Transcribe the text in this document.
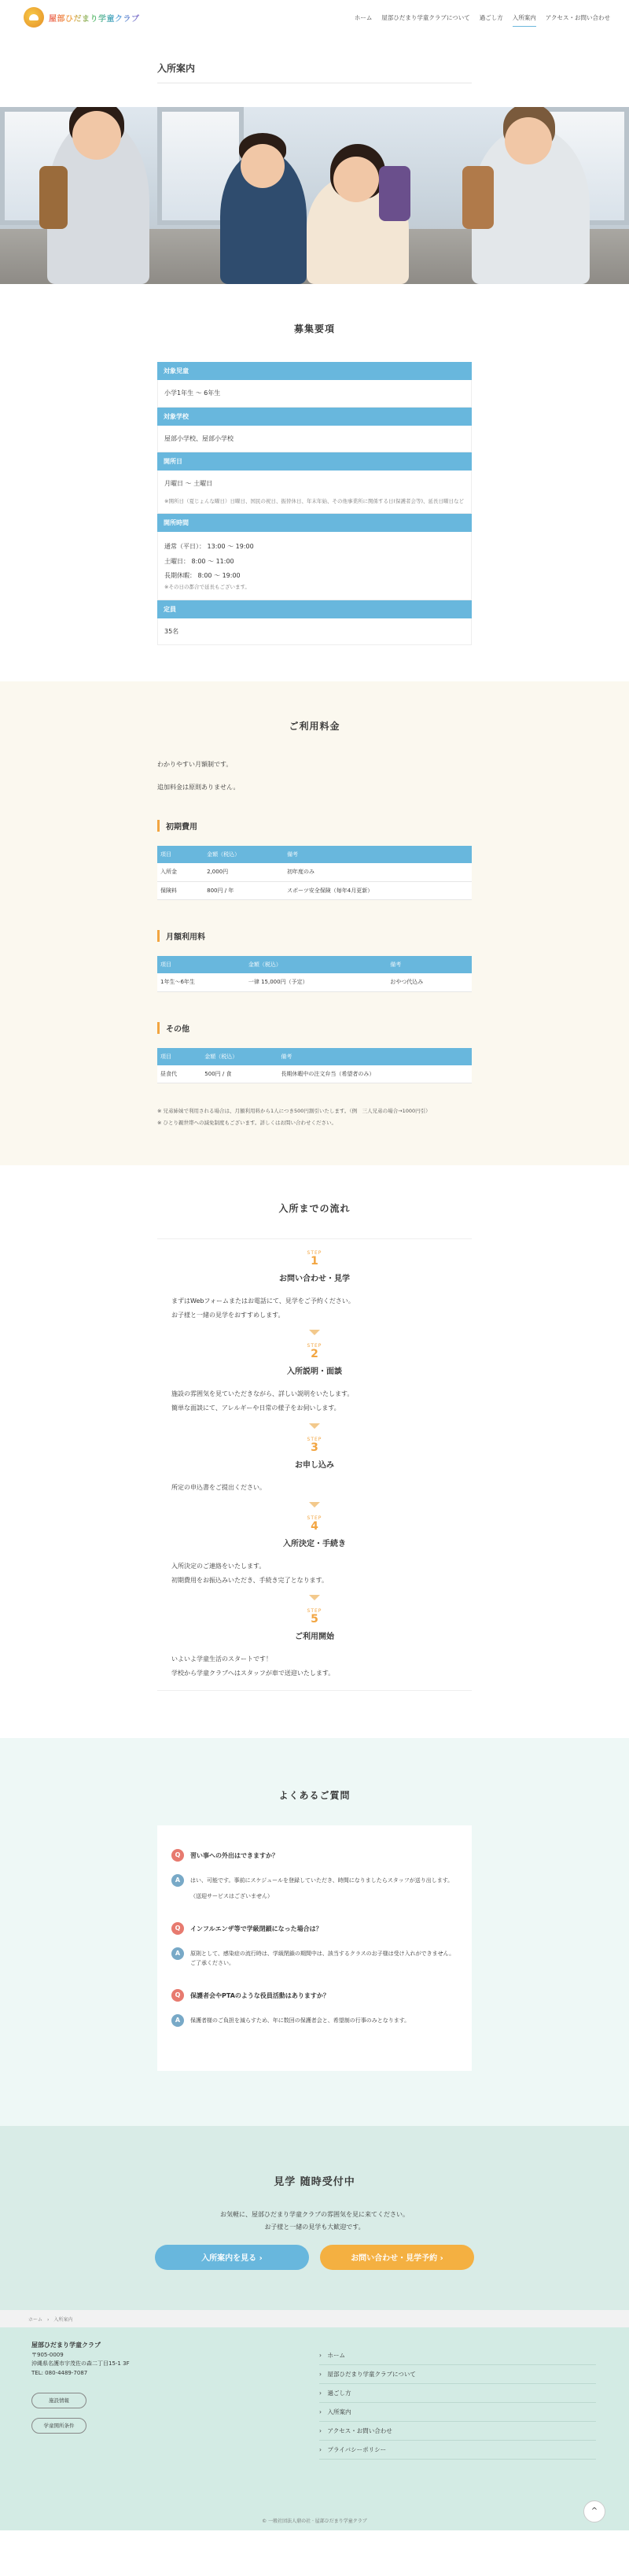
屋部ひだまり学童クラブ	ホーム 屋部ひだまり学童クラブについて 過ごし方 入所案内 アクセス・お問い合わせ
入所案内
募集要項
対象児童
小学1年生 〜 6年生
対象学校
屋部小学校、屋部小学校
開所日
月曜日 〜 土曜日
※開所日（夏じょんな曜日）日曜日、国民の祝日、振替休日、年末年始、その他事業所に関係する日(保護者会等)、延長日曜日など
開所時間
通常（平日）： 13:00 〜 19:00
土曜日： 8:00 〜 11:00
長期休暇： 8:00 〜 19:00
※その日の都合で延長もございます。
定員
35名
ご利用料金

わかりやすい月額制です。

追加料金は原則ありません。

初期費用
項目	金額（税込）	備考
入所金	2,000円	初年度のみ
保険料	800円 / 年	スポーツ安全保険（毎年4月更新）
月額利用料
項目	金額（税込）	備考
1年生〜6年生	一律 15,000円（予定）	おやつ代込み
その他
項目	金額（税込）	備考
昼食代	500円 / 食	長期休暇中の注文弁当（希望者のみ）

※ 兄弟姉妹で利用される場合は、月額利用料から1人につき500円割引いたします。（例　三人兄弟の場合→1000円引）

※ ひとり親世帯への減免制度もございます。詳しくはお問い合わせください。

入所までの流れ
STEP
1
お問い合わせ・見学
まずはWebフォームまたはお電話にて、見学をご予約ください。
お子様と一緒の見学をおすすめします。
STEP
2
入所説明・面談
施設の雰囲気を見ていただきながら、詳しい説明をいたします。
簡単な面談にて、アレルギーや日常の様子をお伺いします。
STEP
3
お申し込み
所定の申込書をご提出ください。
STEP
4
入所決定・手続き
入所決定のご連絡をいたします。
初期費用をお振込みいただき、手続き完了となります。
STEP
5
ご利用開始
いよいよ学童生活のスタートです！
学校から学童クラブへはスタッフが車で送迎いたします。
よくあるご質問
Q	習い事への外出はできますか？
A	はい、可能です。事前にスケジュールを登録していただき、時間になりましたらスタッフが送り出します。
（送迎サービスはございません）
Q	インフルエンザ等で学級閉鎖になった場合は？
A	原則として、感染症の流行時は、学級閉鎖の期間中は、該当するクラスのお子様は受け入れができません。ご了承ください。
Q	保護者会やPTAのような役員活動はありますか？
A	保護者様のご負担を減らすため、年に数回の保護者会と、希望制の行事のみとなります。
見学 随時受付中

お気軽に、屋部ひだまり学童クラブの雰囲気を見に来てください。
お子様と一緒の見学も大歓迎です。

入所案内を見る ›	お問い合わせ・見学予約 ›
ホーム　›　入所案内
屋部ひだまり学童クラブ
〒905-0009
沖縄県名護市宇茂佐の森二丁目15-1 3F
TEL: 080-4489-7087
施設情報
学童開所条件
›　ホーム
›　屋部ひだまり学童クラブについて
›　過ごし方
›　入所案内
›　アクセス・お問い合わせ
›　プライバシーポリシー
© 一般社団法人鼎の社 · 屋部ひだまり学童クラブ
^
